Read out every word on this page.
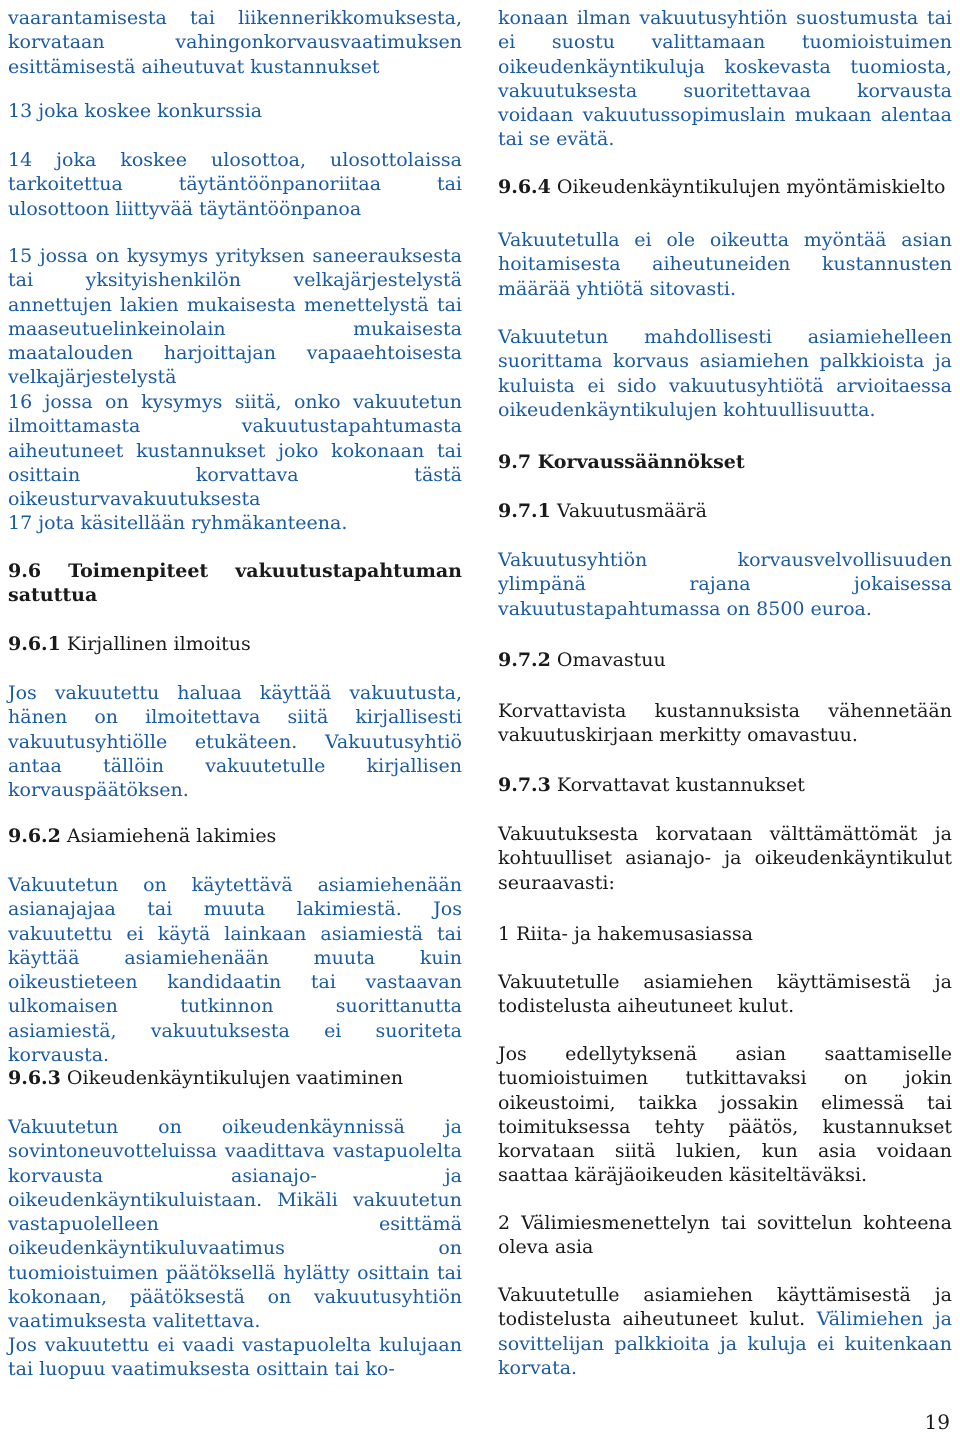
vaarantamisesta tai liikennerikkomuksesta, korvataan vahingonkorvausvaatimuksen esittämisestä aiheutuvat kustannukset

13 joka koskee konkurssia

14 joka koskee ulosottoa, ulosottolaissa tarkoitettua täytäntöönpanoriitaa tai ulosottoon liittyvää täytäntöönpanoa

15 jossa on kysymys yrityksen saneerauksesta tai yksityishenkilön velkajärjestelystä annettujen lakien mukaisesta menettelystä tai maaseutuelinkeinolain mukaisesta maatalouden harjoittajan vapaaehtoisesta velkajärjestelystä

16 jossa on kysymys siitä, onko vakuutetun ilmoittamasta vakuutustapahtumasta aiheutuneet kustannukset joko kokonaan tai osittain korvattava tästä oikeusturvavakuutuksesta

17 jota käsitellään ryhmäkanteena.

9.6 Toimenpiteet vakuutustapahtuman satuttua

9.6.1 Kirjallinen ilmoitus

Jos vakuutettu haluaa käyttää vakuutusta, hänen on ilmoitettava siitä kirjallisesti vakuutusyhtiölle etukäteen. Vakuutusyhtiö antaa tällöin vakuutetulle kirjallisen korvauspäätöksen.

9.6.2 Asiamiehenä lakimies

Vakuutetun on käytettävä asiamiehenään asianajajaa tai muuta lakimiestä. Jos vakuutettu ei käytä lainkaan asiamiestä tai käyttää asiamiehenään muuta kuin oikeustieteen kandidaatin tai vastaavan ulkomaisen tutkinnon suorittanutta asiamiestä, vakuutuksesta ei suoriteta korvausta.

9.6.3 Oikeudenkäyntikulujen vaatiminen

Vakuutetun on oikeudenkäynnissä ja sovintoneuvotteluissa vaadittava vastapuolelta korvausta asianajo- ja oikeudenkäyntikuluistaan. Mikäli vakuutetun vastapuolelleen esittämä oikeudenkäyntikuluvaatimus on tuomioistuimen päätöksellä hylätty osittain tai kokonaan, päätöksestä on vakuutusyhtiön vaatimuksesta valitettava.

Jos vakuutettu ei vaadi vastapuolelta kulujaan tai luopuu vaatimuksesta osittain tai ko-

konaan ilman vakuutusyhtiön suostumusta tai ei suostu valittamaan tuomioistuimen oikeudenkäyntikuluja koskevasta tuomiosta, vakuutuksesta suoritettavaa korvausta voidaan vakuutussopimuslain mukaan alentaa tai se evätä.

9.6.4 Oikeudenkäyntikulujen myöntämiskielto

Vakuutetulla ei ole oikeutta myöntää asian hoitamisesta aiheutuneiden kustannusten määrää yhtiötä sitovasti.

Vakuutetun mahdollisesti asiamiehelleen suorittama korvaus asiamiehen palkkioista ja kuluista ei sido vakuutusyhtiötä arvioitaessa oikeudenkäyntikulujen kohtuullisuutta.

9.7 Korvaussäännökset

9.7.1 Vakuutusmäärä

Vakuutusyhtiön korvausvelvollisuuden ylimpänä rajana jokaisessa vakuutustapahtumassa on 8500 euroa.

9.7.2 Omavastuu

Korvattavista kustannuksista vähennetään vakuutuskirjaan merkitty omavastuu.

9.7.3 Korvattavat kustannukset

Vakuutuksesta korvataan välttämättömät ja kohtuulliset asianajo- ja oikeudenkäyntikulut seuraavasti:

1 Riita- ja hakemusasiassa

Vakuutetulle asiamiehen käyttämisestä ja todistelusta aiheutuneet kulut.

Jos edellytyksenä asian saattamiselle tuomioistuimen tutkittavaksi on jokin oikeustoimi, taikka jossakin elimessä tai toimituksessa tehty päätös, kustannukset korvataan siitä lukien, kun asia voidaan saattaa käräjäoikeuden käsiteltäväksi.

2 Välimiesmenettelyn tai sovittelun kohteena oleva asia

Vakuutetulle asiamiehen käyttämisestä ja todistelusta aiheutuneet kulut. Välimiehen ja sovittelijan palkkioita ja kuluja ei kuitenkaan korvata.

19
